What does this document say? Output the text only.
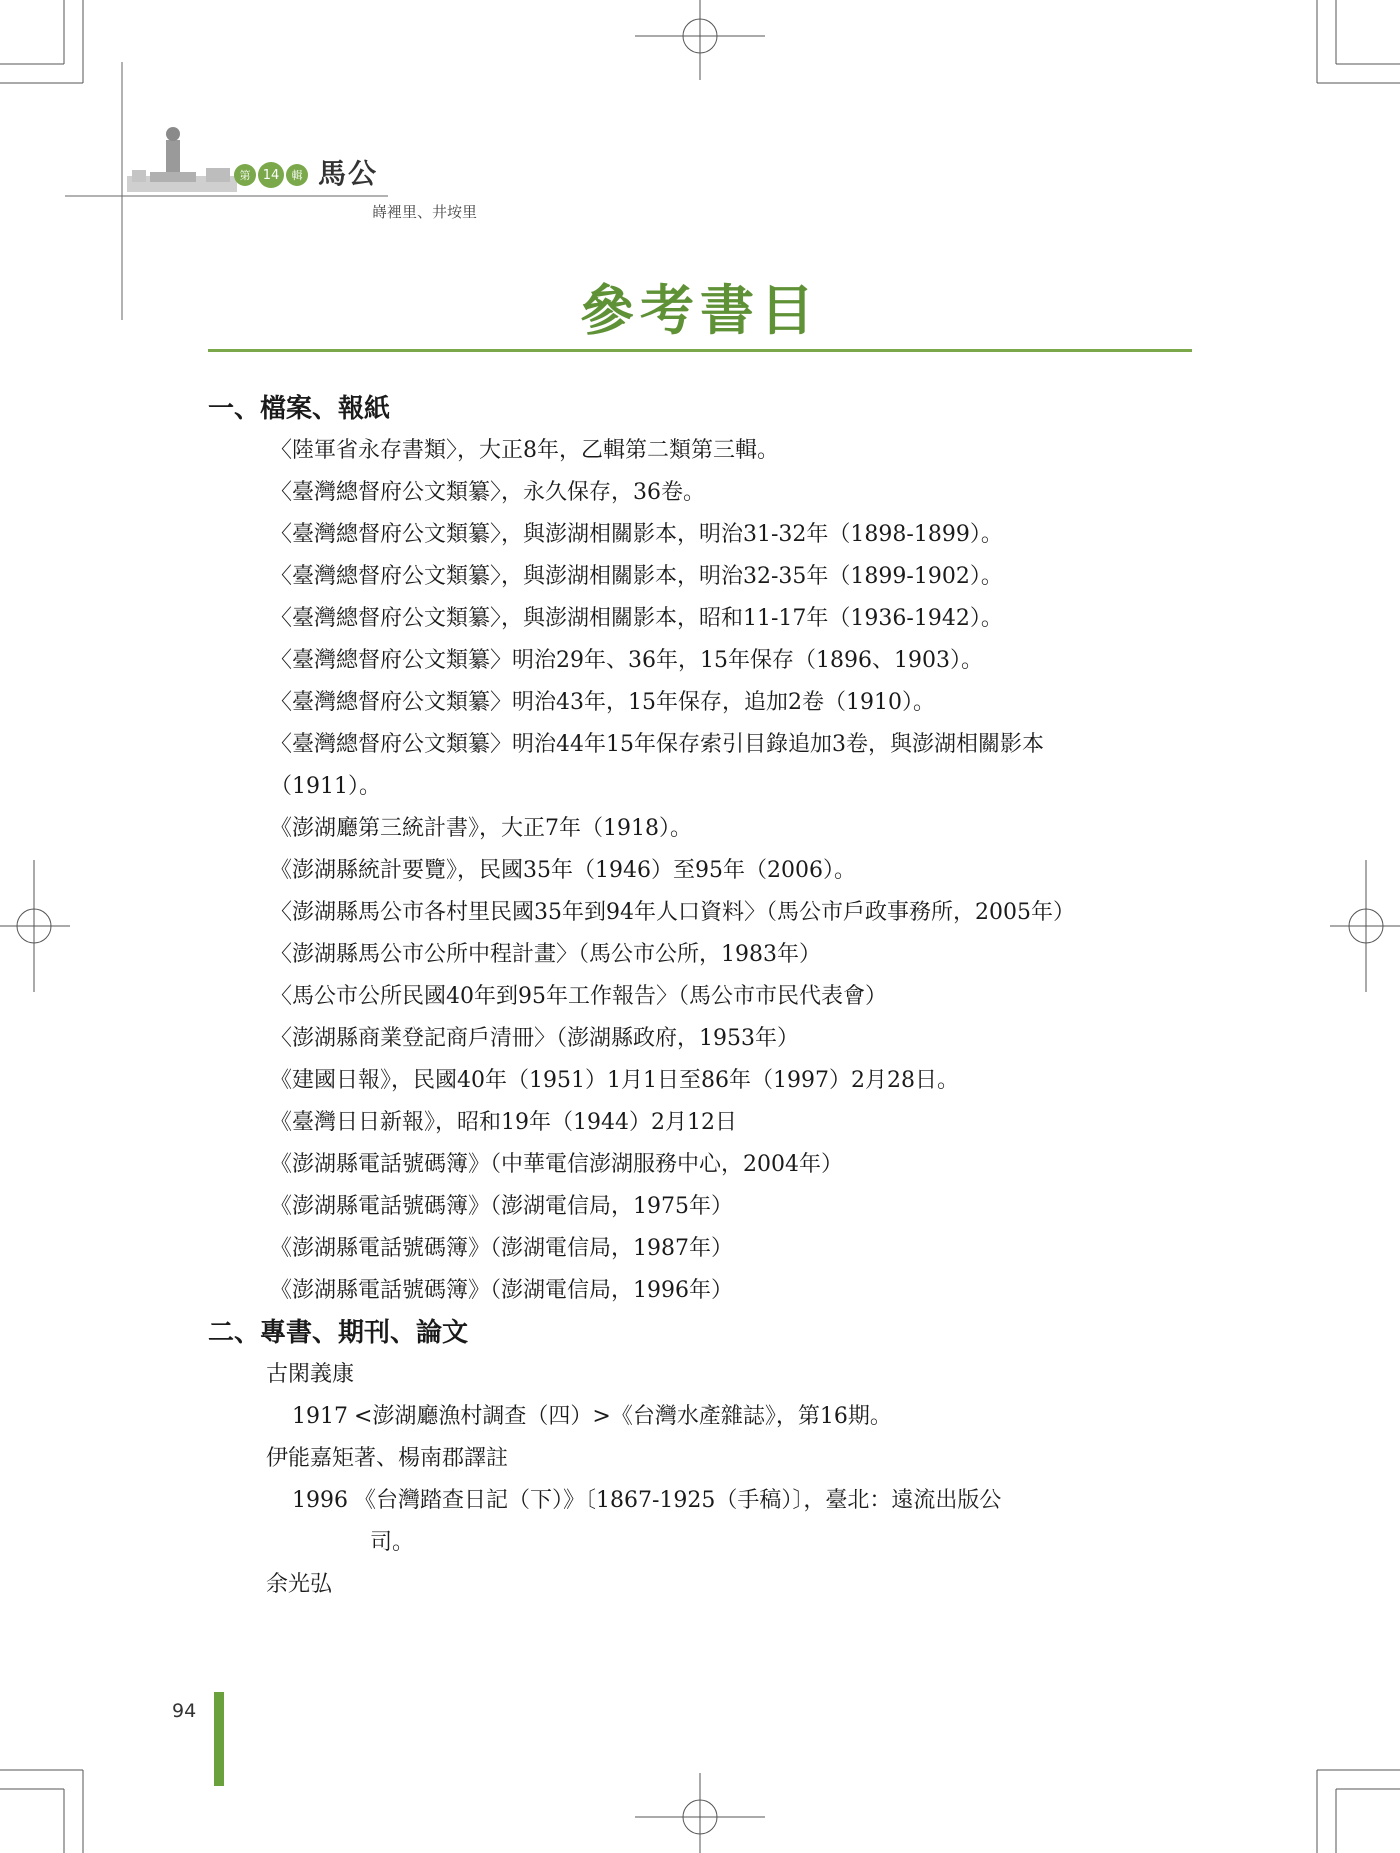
第 14	輯 馬公
嵵裡里、井垵里
參考書目
一、檔案、報紙
〈陸軍省永存書類〉，大正8年，乙輯第二類第三輯。
〈臺灣總督府公文類纂〉，永久保存，36卷。
〈臺灣總督府公文類纂〉，與澎湖相關影本，明治31-32年（1898-1899）。
〈臺灣總督府公文類纂〉，與澎湖相關影本，明治32-35年（1899-1902）。
〈臺灣總督府公文類纂〉，與澎湖相關影本，昭和11-17年（1936-1942）。
〈臺灣總督府公文類纂〉明治29年、36年，15年保存（1896、1903）。
〈臺灣總督府公文類纂〉明治43年，15年保存，追加2卷（1910）。
〈臺灣總督府公文類纂〉明治44年15年保存索引目錄追加3卷，與澎湖相關影本
（1911）。
《澎湖廳第三統計書》，大正7年（1918）。
《澎湖縣統計要覽》，民國35年（1946）至95年（2006）。
〈澎湖縣馬公市各村里民國35年到94年人口資料〉（馬公市戶政事務所，2005年）
〈澎湖縣馬公市公所中程計畫〉（馬公市公所，1983年）
〈馬公市公所民國40年到95年工作報告〉（馬公市市民代表會）
〈澎湖縣商業登記商戶清冊〉（澎湖縣政府，1953年）
《建國日報》，民國40年（1951）1月1日至86年（1997）2月28日。
《臺灣日日新報》，昭和19年（1944）2月12日
《澎湖縣電話號碼簿》（中華電信澎湖服務中心，2004年）
《澎湖縣電話號碼簿》（澎湖電信局，1975年）
《澎湖縣電話號碼簿》（澎湖電信局，1987年）
《澎湖縣電話號碼簿》（澎湖電信局，1996年）
二、專書、期刊、論文
古閑義康
1917 <澎湖廳漁村調查（四）>《台灣水產雜誌》，第16期。
伊能嘉矩著、楊南郡譯註
1996 《台灣踏查日記（下）》〔1867-1925（手稿）〕，臺北：遠流出版公
司。
余光弘
94
